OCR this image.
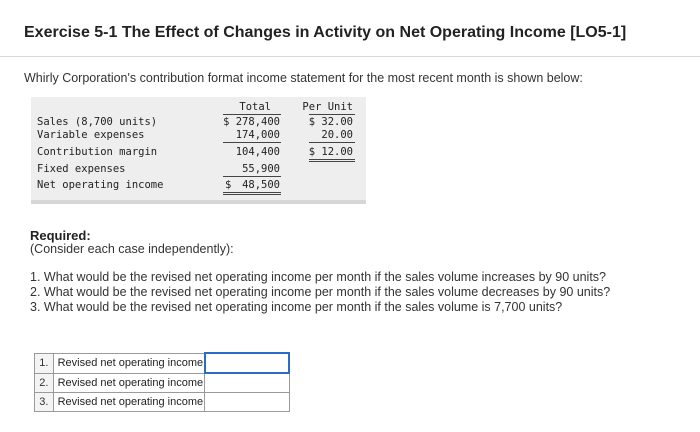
Exercise 5-1 The Effect of Changes in Activity on Net Operating Income [LO5-1]
Whirly Corporation's contribution format income statement for the most recent month is shown below:
Total	Per Unit
Sales (8,700 units)	$ 278,400	$ 32.00
Variable expenses	174,000	20.00
Contribution margin	104,400	$ 12.00
Fixed expenses	55,900
Net operating income	$ 48,500
Required:
(Consider each case independently):
1. What would be the revised net operating income per month if the sales volume increases by 90 units?
2. What would be the revised net operating income per month if the sales volume decreases by 90 units?
3. What would be the revised net operating income per month if the sales volume is 7,700 units?
1.	Revised net operating income	
2.	Revised net operating income	
3.	Revised net operating income	
